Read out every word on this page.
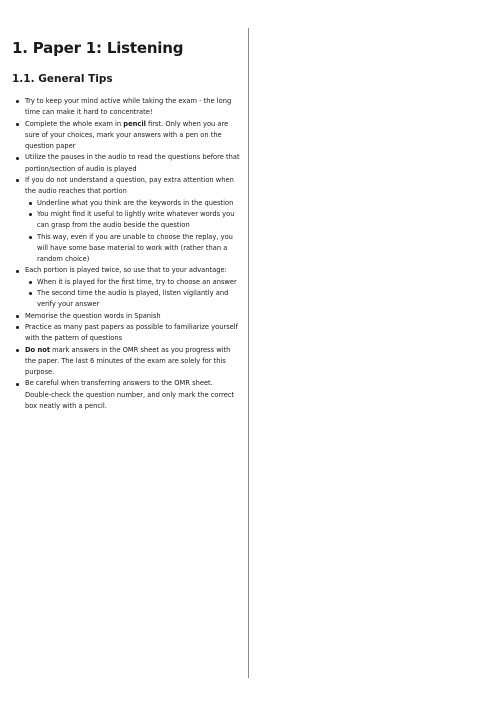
1. Paper 1: Listening
1.1. General Tips
Try to keep your mind active while taking the exam - the long time can make it hard to concentrate!
Complete the whole exam in pencil first. Only when you are sure of your choices, mark your answers with a pen on the question paper
Utilize the pauses in the audio to read the questions before that portion/section of audio is played
If you do not understand a question, pay extra attention when the audio reaches that portion
Underline what you think are the keywords in the question
You might find it useful to lightly write whatever words you can grasp from the audio beside the question
This way, even if you are unable to choose the replay, you will have some base material to work with (rather than a random choice)
Each portion is played twice, so use that to your advantage:
When it is played for the first time, try to choose an answer
The second time the audio is played, listen vigilantly and verify your answer
Memorise the question words in Spanish
Practice as many past papers as possible to familiarize yourself with the pattern of questions
Do not mark answers in the OMR sheet as you progress with the paper. The last 6 minutes of the exam are solely for this purpose.
Be careful when transferring answers to the OMR sheet. Double-check the question number, and only mark the correct box neatly with a pencil.
